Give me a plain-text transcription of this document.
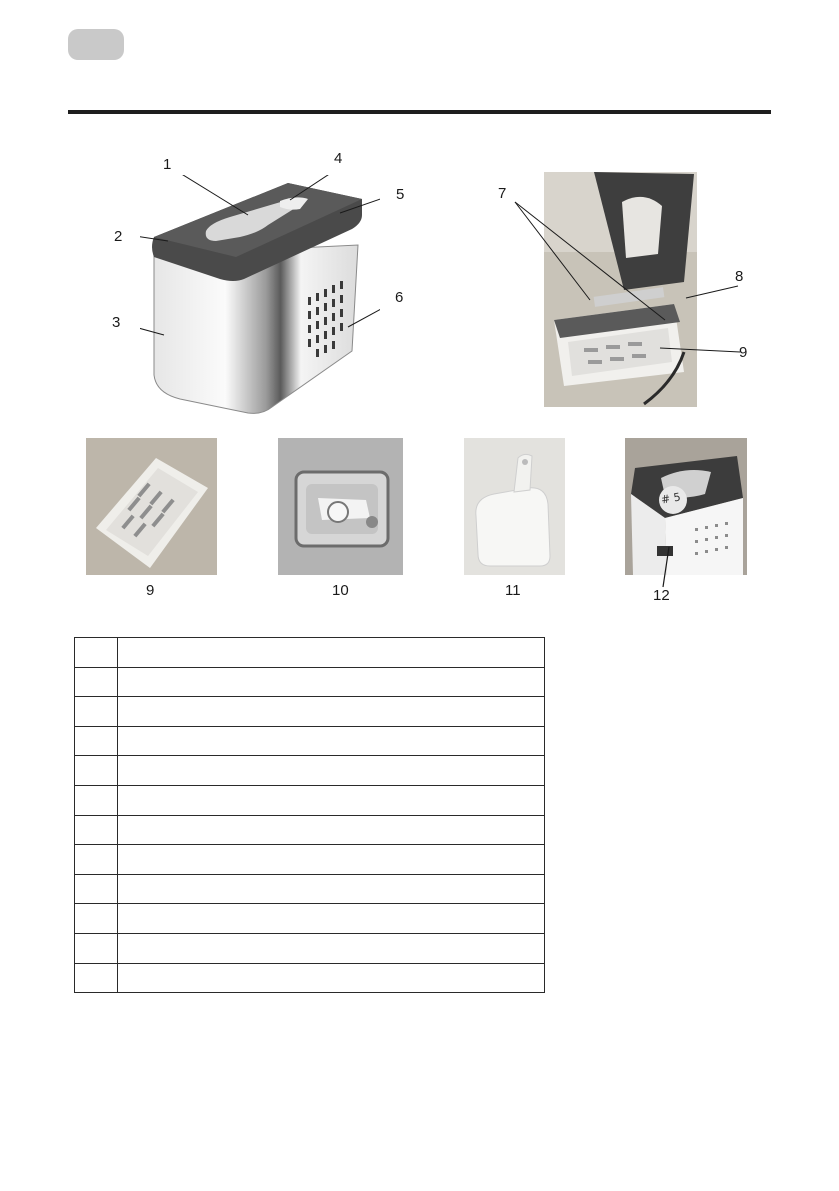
1
2
3
4
5
6
7
8
9
9	10	11
# 5
12
